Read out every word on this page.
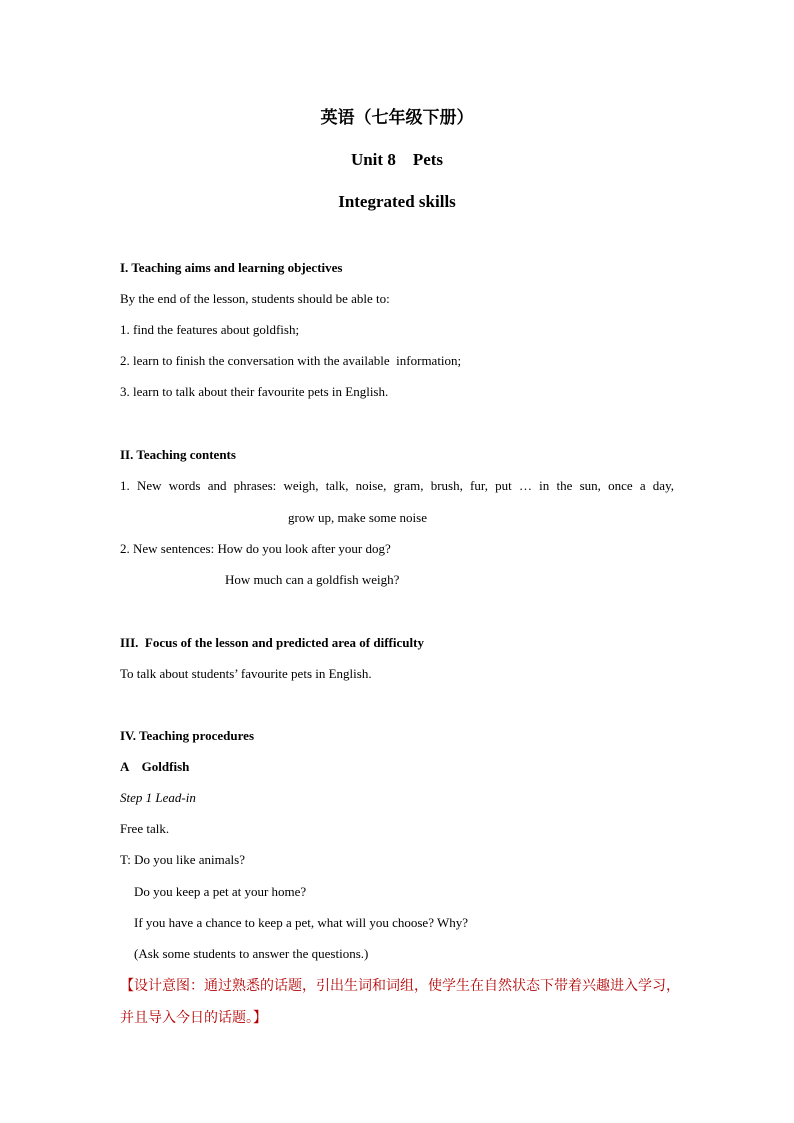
英语（七年级下册）
Unit 8    Pets
Integrated skills
I. Teaching aims and learning objectives
By the end of the lesson, students should be able to:
1. find the features about goldfish;
2. learn to finish the conversation with the available  information;
3. learn to talk about their favourite pets in English.
II. Teaching contents
1. New words and phrases: weigh, talk, noise, gram, brush, fur, put … in the sun, once a day,
grow up, make some noise
2. New sentences: How do you look after your dog?
How much can a goldfish weigh?
III.  Focus of the lesson and predicted area of difficulty
To talk about students’ favourite pets in English.
IV. Teaching procedures
A    Goldfish
Step 1 Lead-in
Free talk.
T: Do you like animals?
Do you keep a pet at your home?
If you have a chance to keep a pet, what will you choose? Why?
(Ask some students to answer the questions.)
【设计意图：通过熟悉的话题，引出生词和词组，使学生在自然状态下带着兴趣进入学习，
并且导入今日的话题。】
